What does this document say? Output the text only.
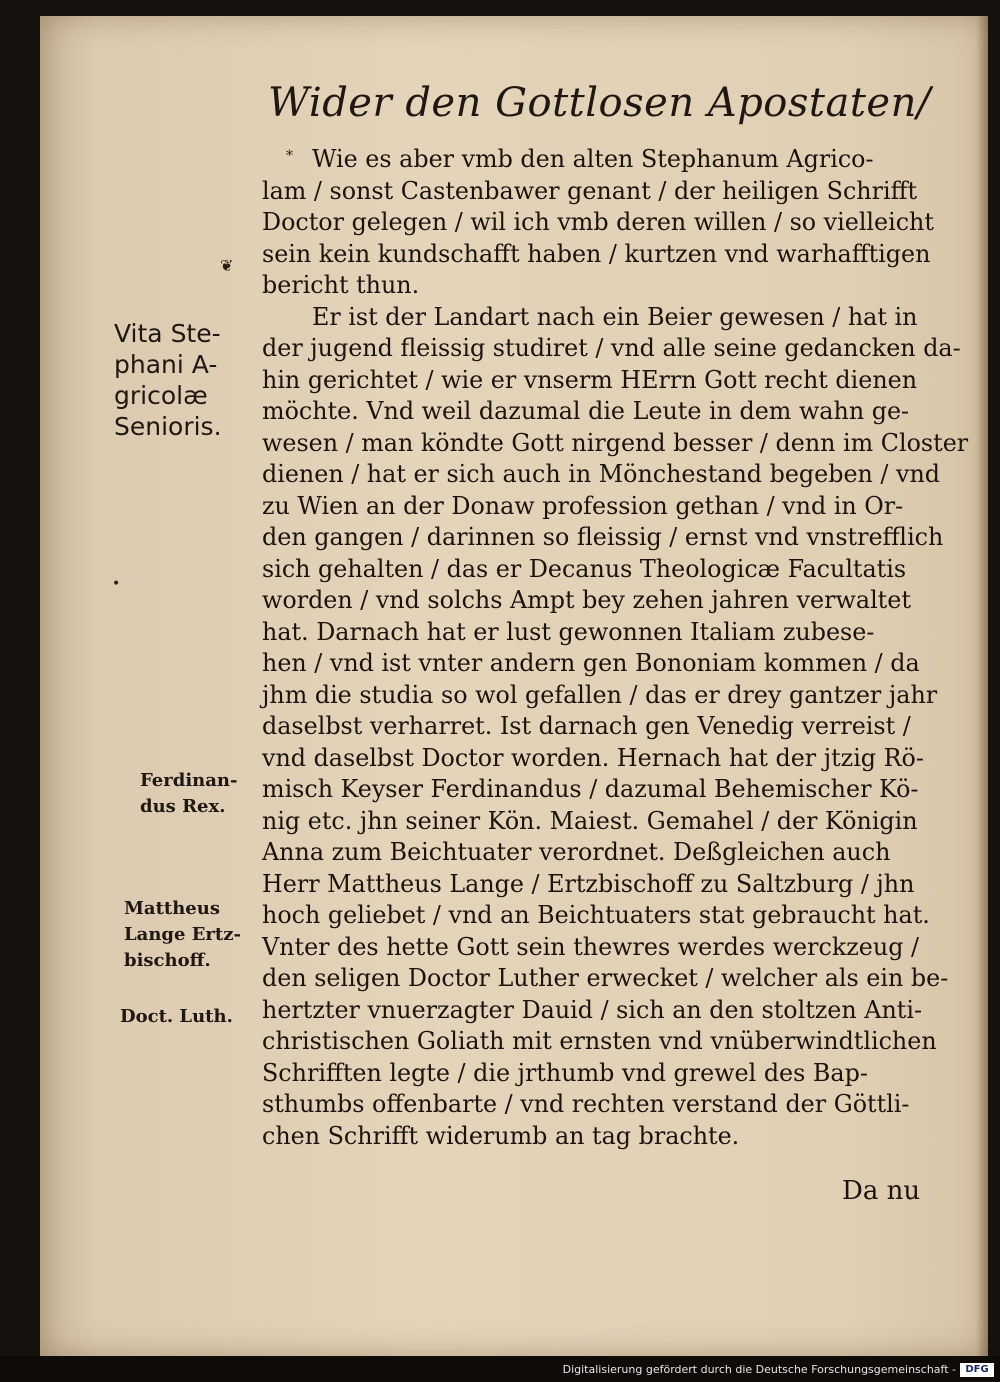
Wider den Gottlosen Apostaten/
*
❦
•
Wie es aber vmb den alten Stephanum Agrico-
lam / sonst Castenbawer genant / der heiligen Schrifft
Doctor gelegen / wil ich vmb deren willen / so vielleicht
sein kein kundschafft haben / kurtzen vnd warhafftigen
bericht thun.
Er ist der Landart nach ein Beier gewesen / hat in
der jugend fleissig studiret / vnd alle seine gedancken da-
hin gerichtet / wie er vnserm HErrn Gott recht dienen
möchte. Vnd weil dazumal die Leute in dem wahn ge-
wesen / man köndte Gott nirgend besser / denn im Closter
dienen / hat er sich auch in Mönchestand begeben / vnd
zu Wien an der Donaw profession gethan / vnd in Or-
den gangen / darinnen so fleissig / ernst vnd vnstrefflich
sich gehalten / das er Decanus Theologicæ Facultatis
worden / vnd solchs Ampt bey zehen jahren verwaltet
hat. Darnach hat er lust gewonnen Italiam zubese-
hen / vnd ist vnter andern gen Bononiam kommen / da
jhm die studia so wol gefallen / das er drey gantzer jahr
daselbst verharret. Ist darnach gen Venedig verreist /
vnd daselbst Doctor worden. Hernach hat der jtzig Rö-
misch Keyser Ferdinandus / dazumal Behemischer Kö-
nig etc. jhn seiner Kön. Maiest. Gemahel / der Königin
Anna zum Beichtuater verordnet. Deßgleichen auch
Herr Mattheus Lange / Ertzbischoff zu Saltzburg / jhn
hoch geliebet / vnd an Beichtuaters stat gebraucht hat.
Vnter des hette Gott sein thewres werdes werckzeug /
den seligen Doctor Luther erwecket / welcher als ein be-
hertzter vnuerzagter Dauid / sich an den stoltzen Anti-
christischen Goliath mit ernsten vnd vnüberwindtlichen
Schrifften legte / die jrthumb vnd grewel des Bap-
sthumbs offenbarte / vnd rechten verstand der Göttli-
chen Schrifft widerumb an tag brachte.
Vita Ste-
phani A-
gricolæ
Senioris.
Ferdinan-
dus Rex.
Mattheus
Lange Ertz-
bischoff.
Doct. Luth.
Da nu
Digitalisierung gefördert durch die Deutsche Forschungsgemeinschaft - DFG
